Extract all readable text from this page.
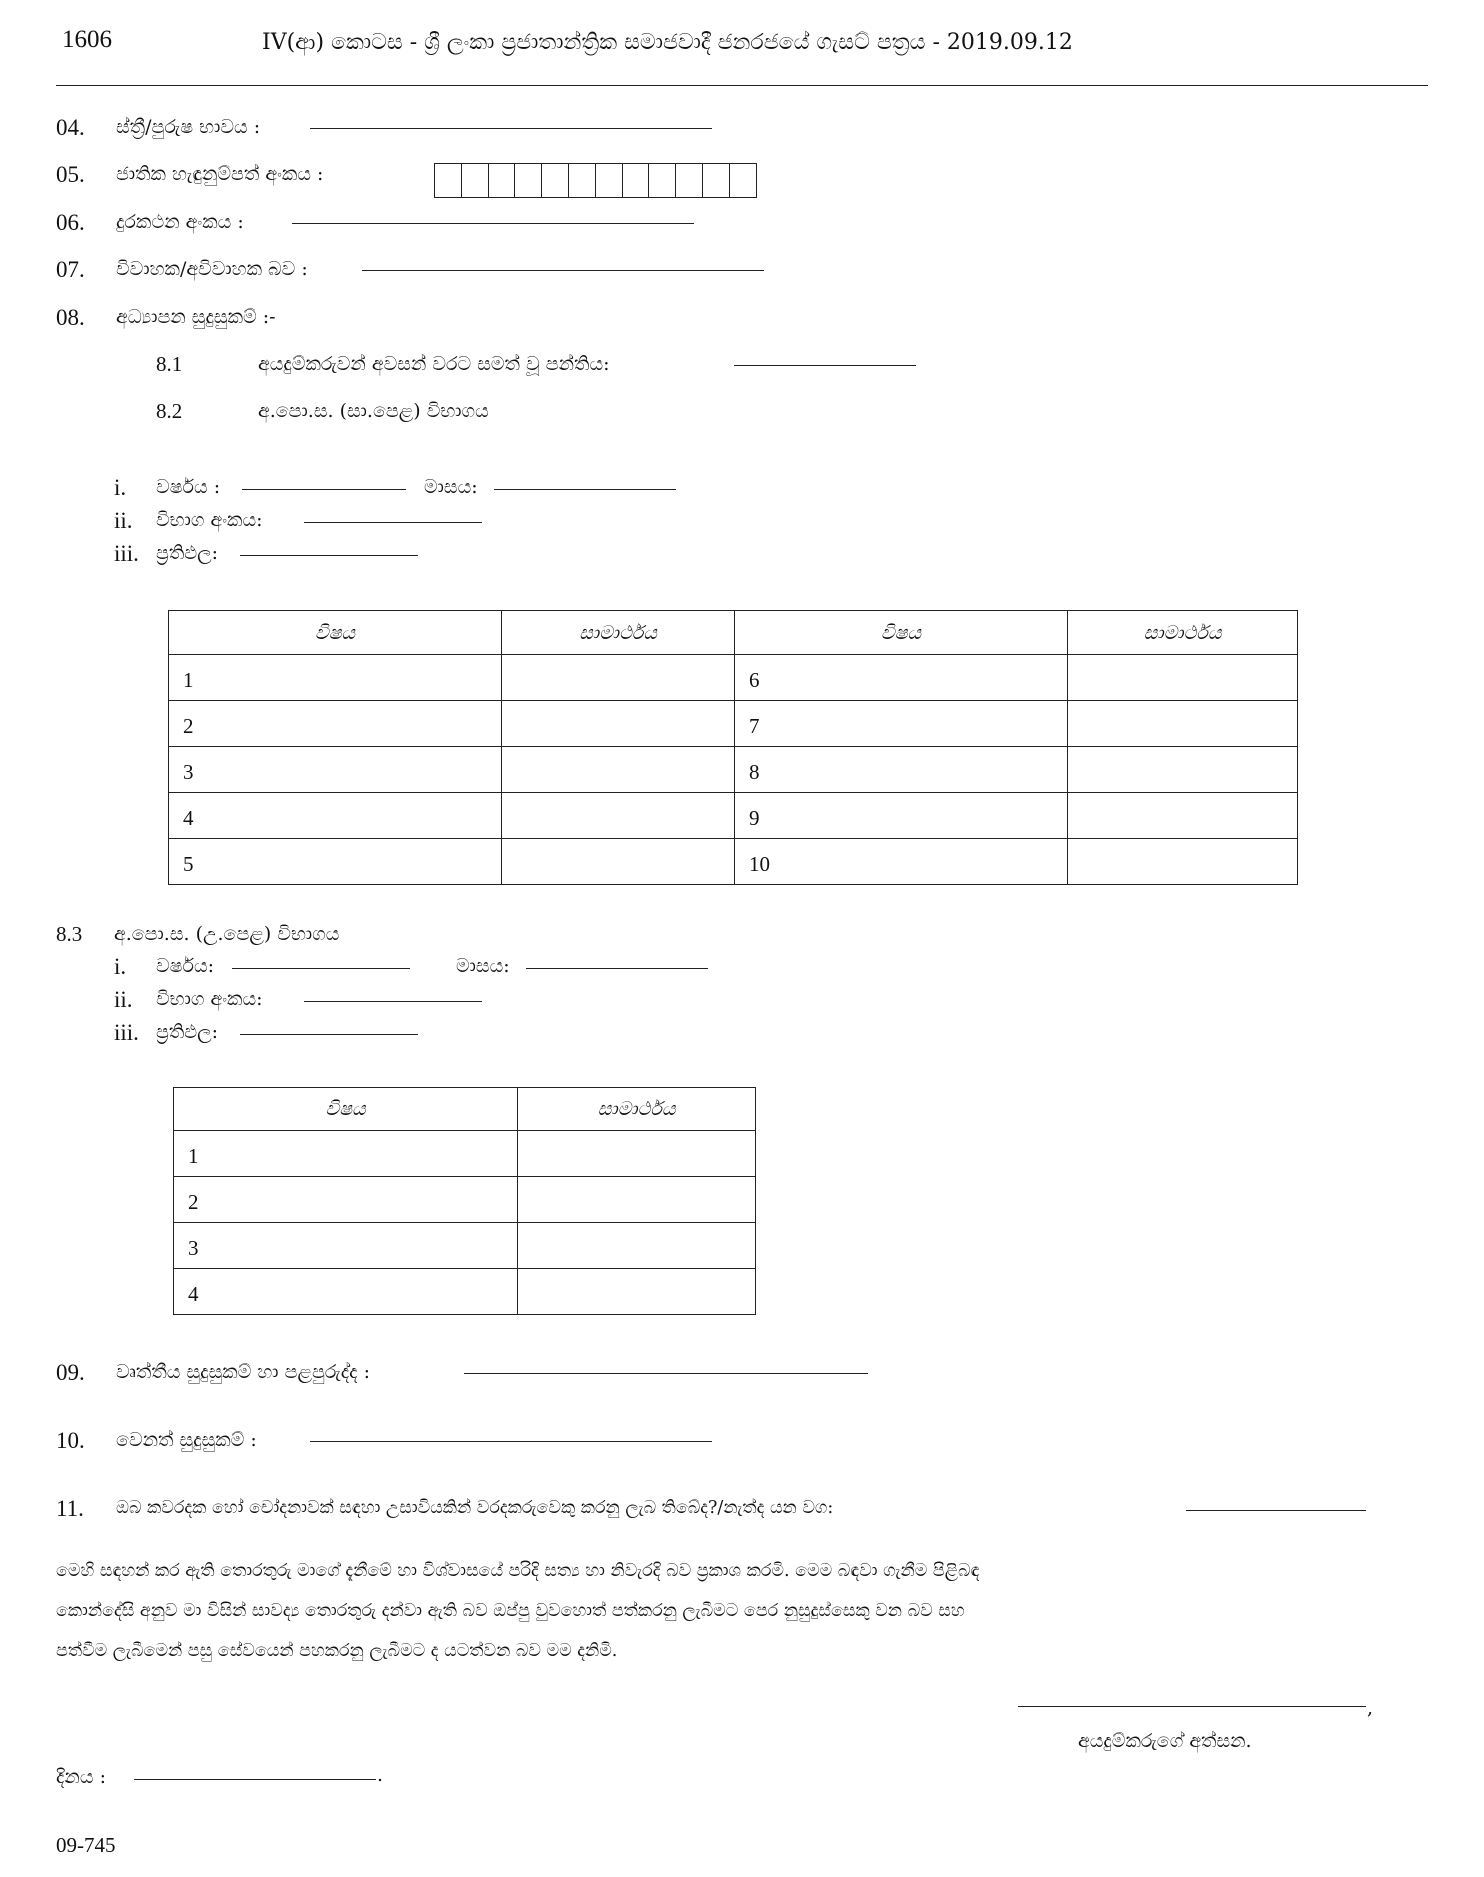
1606	IV(ආ) කොටස - ශ්‍රී ලංකා ප්‍රජාතාන්ත්‍රික සමාජවාදී ජනරජයේ ගැසට් පත්‍රය - 2019.09.12
04. ස්ත්‍රී/පුරුෂ භාවය :
05. ජාතික හැඳුනුම්පත් අංකය :
06. දුරකථන අංකය :
07. විවාහක/අවිවාහක බව :
08. අධ්‍යාපන සුදුසුකම් :-
8.1	අයදුම්කරුවන් අවසන් වරට සමත් වූ පන්තිය:
8.2	අ.පො.ස. (සා.පෙළ) විභාගය
i. වර්ෂය :	මාසය:
ii. විභාග අංකය:
iii. ප්‍රතිඵල:
විෂය	සාමාර්ථය	විෂය	සාමාර්ථය
1		6	
2		7	
3		8	
4		9	
5		10	
8.3 අ.පො.ස. (උ.පෙළ) විභාගය
i. වර්ෂය:	මාසය:
ii. විභාග අංකය:
iii. ප්‍රතිඵල:
විෂය	සාමාර්ථය
1	
2	
3	
4	
09. වෘත්තීය සුදුසුකම් හා පළපුරුද්ද :
10. වෙනත් සුදුසුකම් :
11. ඔබ කවරදක හෝ චෝදනාවක් සඳහා උසාවියකින් වරදකරුවෙකු කරනු ලැබ තිබේද?/නැත්ද යන වග:
මෙහි සඳහන් කර ඇති තොරතුරු මාගේ දැනීමේ හා විශ්වාසයේ පරිදි සත්‍ය හා නිවැරදි බව ප්‍රකාශ කරමි. මෙම බඳවා ගැනීම පිළිබඳ
කොන්දේසි අනුව මා විසින් සාවද්‍ය තොරතුරු දන්වා ඇති බව ඔප්පු වුවහොත් පත්කරනු ලැබීමට පෙර නුසුදුස්සෙකු වන බව සහ
පත්වීම ලැබීමෙන් පසු සේවයෙන් පහකරනු ලැබීමට ද යටත්වන බව මම දනිමි.
,
අයදුම්කරුගේ අත්සන.
දිනය :	.
09-745
